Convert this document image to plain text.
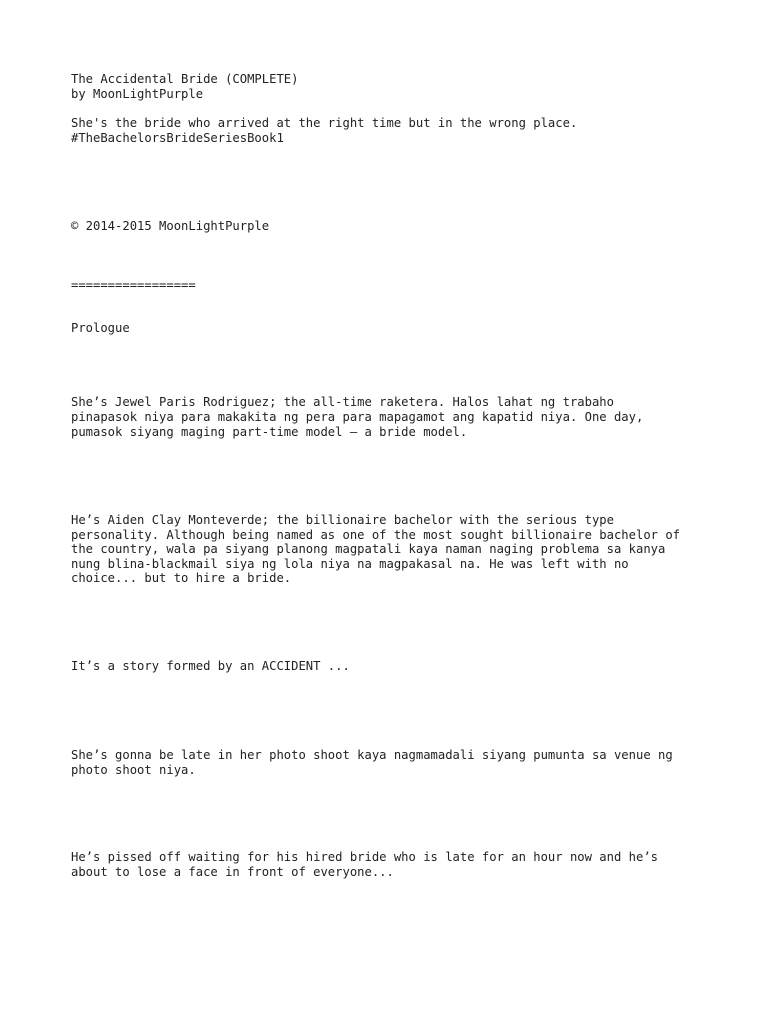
The Accidental Bride (COMPLETE)

by MoonLightPurple

She's the bride who arrived at the right time but in the wrong place.

#TheBachelorsBrideSeriesBook1

© 2014-2015 MoonLightPurple

=================

Prologue

She’s Jewel Paris Rodriguez; the all-time raketera. Halos lahat ng trabaho

pinapasok niya para makakita ng pera para mapagamot ang kapatid niya. One day,

pumasok siyang maging part-time model – a bride model.

He’s Aiden Clay Monteverde; the billionaire bachelor with the serious type

personality. Although being named as one of the most sought billionaire bachelor of

the country, wala pa siyang planong magpatali kaya naman naging problema sa kanya

nung blina-blackmail siya ng lola niya na magpakasal na. He was left with no

choice... but to hire a bride.

It’s a story formed by an ACCIDENT ...

She’s gonna be late in her photo shoot kaya nagmamadali siyang pumunta sa venue ng

photo shoot niya.

He’s pissed off waiting for his hired bride who is late for an hour now and he’s

about to lose a face in front of everyone...
